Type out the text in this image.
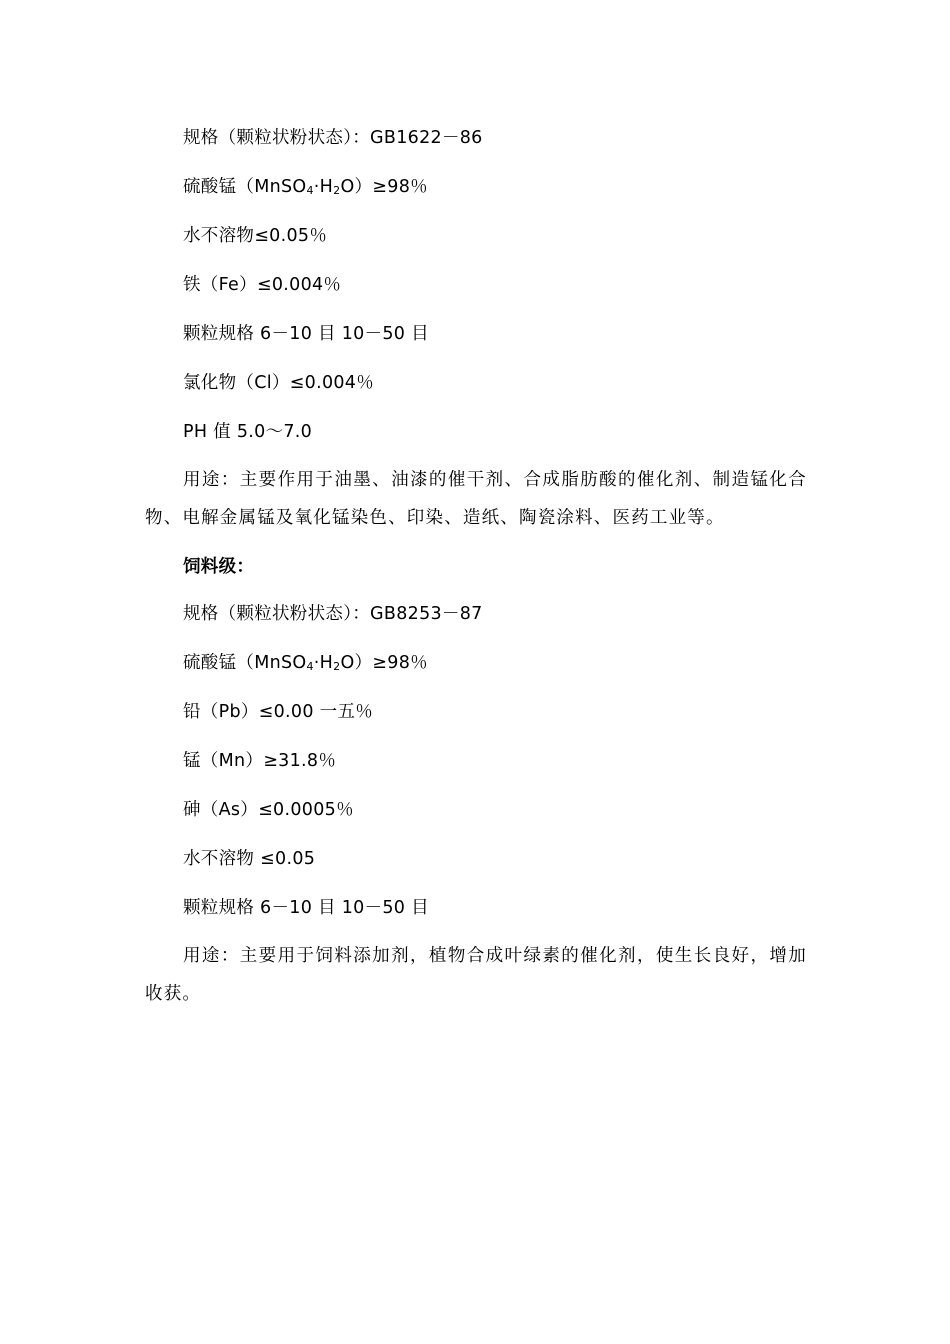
规格（颗粒状粉状态）：GB1622－86
硫酸锰$(MnSO_4\cdot H_2O)\ge 98$％
水不溶物≤0.05％
铁（Fe）≤0.004％
颗粒规格 6－10 目 10－50 目
氯化物（Cl）≤0.004％
PH 值 5.0～7.0
用途：主要作用于油墨、油漆的催干剂、合成脂肪酸的催化剂、制造锰化合物、电解金属锰及氧化锰染色、印染、造纸、陶瓷涂料、医药工业等。
饲料级：
规格（颗粒状粉状态）：GB8253－87
硫酸锰$(MnSO_4\cdot H_2O)\ge 98$％
铅（Pb）≤0.00 一五％
锰（Mn）≥31.8％
砷（As）≤0.0005％
水不溶物 ≤0.05
颗粒规格 6－10 目 10－50 目
用途：主要用于饲料添加剂，植物合成叶绿素的催化剂，使生长良好，增加收获。
